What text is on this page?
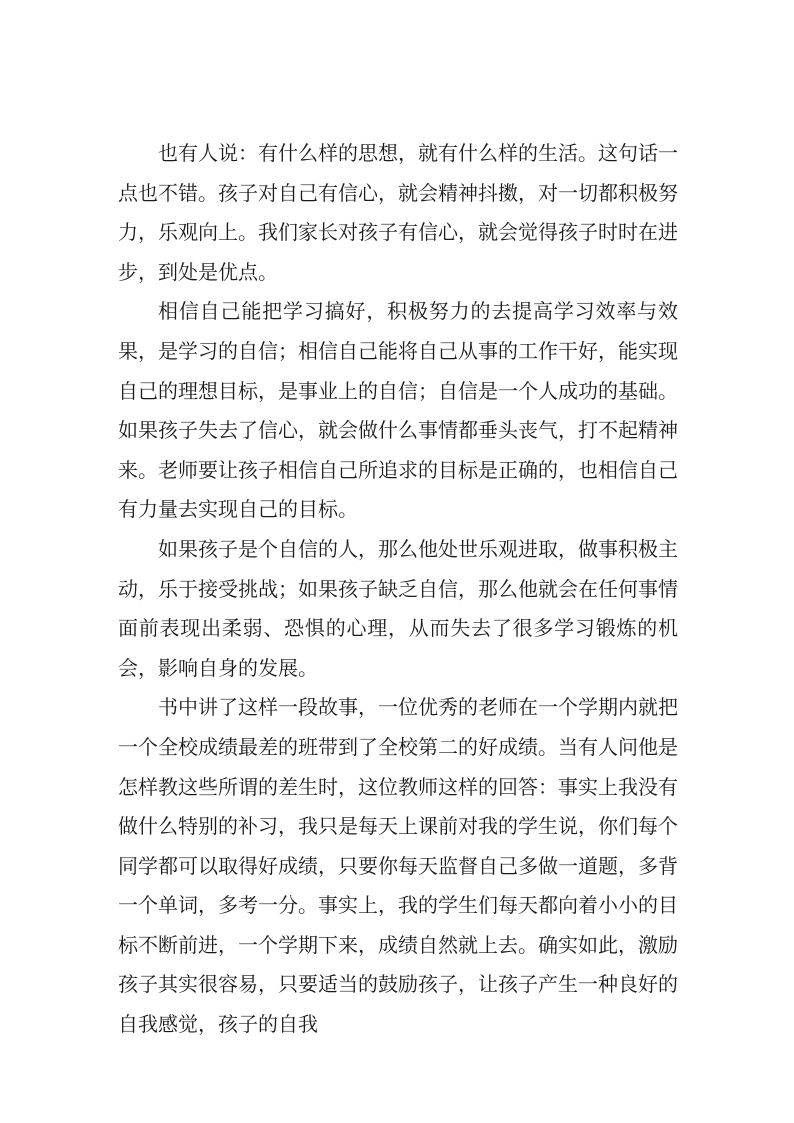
也有人说：有什么样的思想，就有什么样的生活。这句话一点也不错。孩子对自己有信心，就会精神抖擞，对一切都积极努力，乐观向上。我们家长对孩子有信心，就会觉得孩子时时在进步，到处是优点。

相信自己能把学习搞好，积极努力的去提高学习效率与效果，是学习的自信；相信自己能将自己从事的工作干好，能实现自己的理想目标，是事业上的自信；自信是一个人成功的基础。如果孩子失去了信心，就会做什么事情都垂头丧气，打不起精神来。老师要让孩子相信自己所追求的目标是正确的，也相信自己有力量去实现自己的目标。

如果孩子是个自信的人，那么他处世乐观进取，做事积极主动，乐于接受挑战；如果孩子缺乏自信，那么他就会在任何事情面前表现出柔弱、恐惧的心理，从而失去了很多学习锻炼的机会，影响自身的发展。

书中讲了这样一段故事，一位优秀的老师在一个学期内就把一个全校成绩最差的班带到了全校第二的好成绩。当有人问他是怎样教这些所谓的差生时，这位教师这样的回答：事实上我没有做什么特别的补习，我只是每天上课前对我的学生说，你们每个同学都可以取得好成绩，只要你每天监督自己多做一道题，多背一个单词，多考一分。事实上，我的学生们每天都向着小小的目标不断前进，一个学期下来，成绩自然就上去。确实如此，激励孩子其实很容易，只要适当的鼓励孩子，让孩子产生一种良好的自我感觉，孩子的自我
